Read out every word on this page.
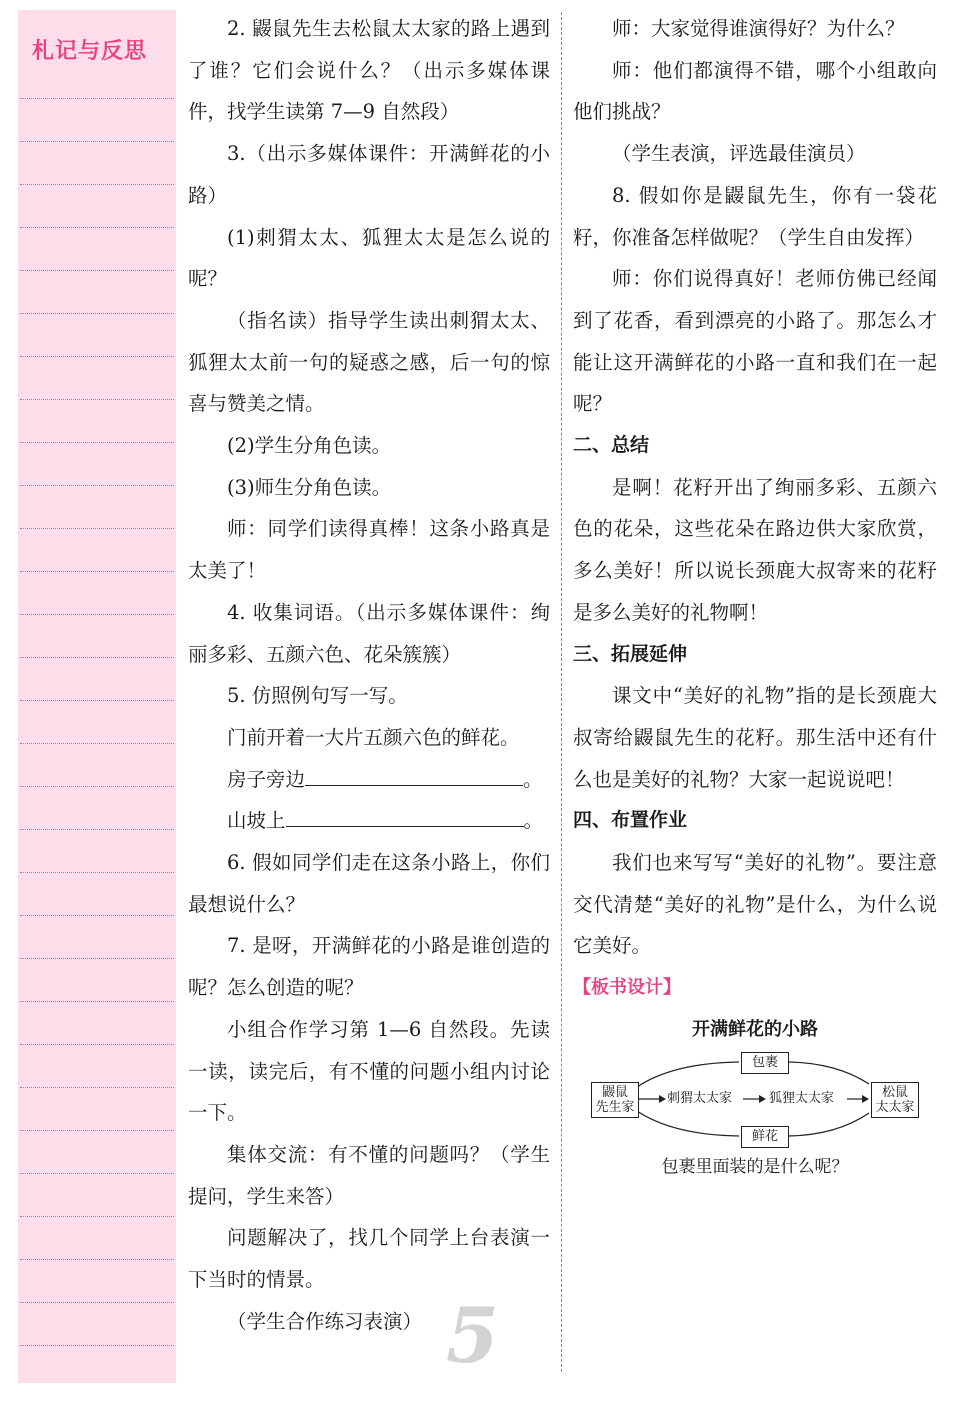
札记与反思

2. 鼹鼠先生去松鼠太太家的路上遇到了谁？它们会说什么？（出示多媒体课件，找学生读第 7—9 自然段）

3.（出示多媒体课件：开满鲜花的小路）

(1)刺猬太太、狐狸太太是怎么说的呢？

（指名读）指导学生读出刺猬太太、狐狸太太前一句的疑惑之感，后一句的惊喜与赞美之情。

(2)学生分角色读。

(3)师生分角色读。

师：同学们读得真棒！这条小路真是太美了！

4. 收集词语。（出示多媒体课件：绚丽多彩、五颜六色、花朵簇簇）

5. 仿照例句写一写。

门前开着一大片五颜六色的鲜花。

房子旁边	。

山坡上	。

6. 假如同学们走在这条小路上，你们最想说什么？

7. 是呀，开满鲜花的小路是谁创造的呢？怎么创造的呢？

小组合作学习第 1—6 自然段。先读一读，读完后，有不懂的问题小组内讨论一下。

集体交流：有不懂的问题吗？（学生提问，学生来答）

问题解决了，找几个同学上台表演一下当时的情景。

（学生合作练习表演）

师：大家觉得谁演得好？为什么？

师：他们都演得不错，哪个小组敢向他们挑战？

（学生表演，评选最佳演员）

8. 假如你是鼹鼠先生，你有一袋花籽，你准备怎样做呢？（学生自由发挥）

师：你们说得真好！老师仿佛已经闻到了花香，看到漂亮的小路了。那怎么才能让这开满鲜花的小路一直和我们在一起呢？

二、总结

是啊！花籽开出了绚丽多彩、五颜六色的花朵，这些花朵在路边供大家欣赏，多么美好！所以说长颈鹿大叔寄来的花籽是多么美好的礼物啊！

三、拓展延伸

课文中“美好的礼物”指的是长颈鹿大叔寄给鼹鼠先生的花籽。那生活中还有什么也是美好的礼物？大家一起说说吧！

四、布置作业

我们也来写写“美好的礼物”。要注意交代清楚“美好的礼物”是什么，为什么说它美好。

【板书设计】
开满鲜花的小路
鼹鼠
先生家
松鼠
太太家
包裹
鲜花
刺猬太太家	狐狸太太家
包裹里面装的是什么呢？
5
